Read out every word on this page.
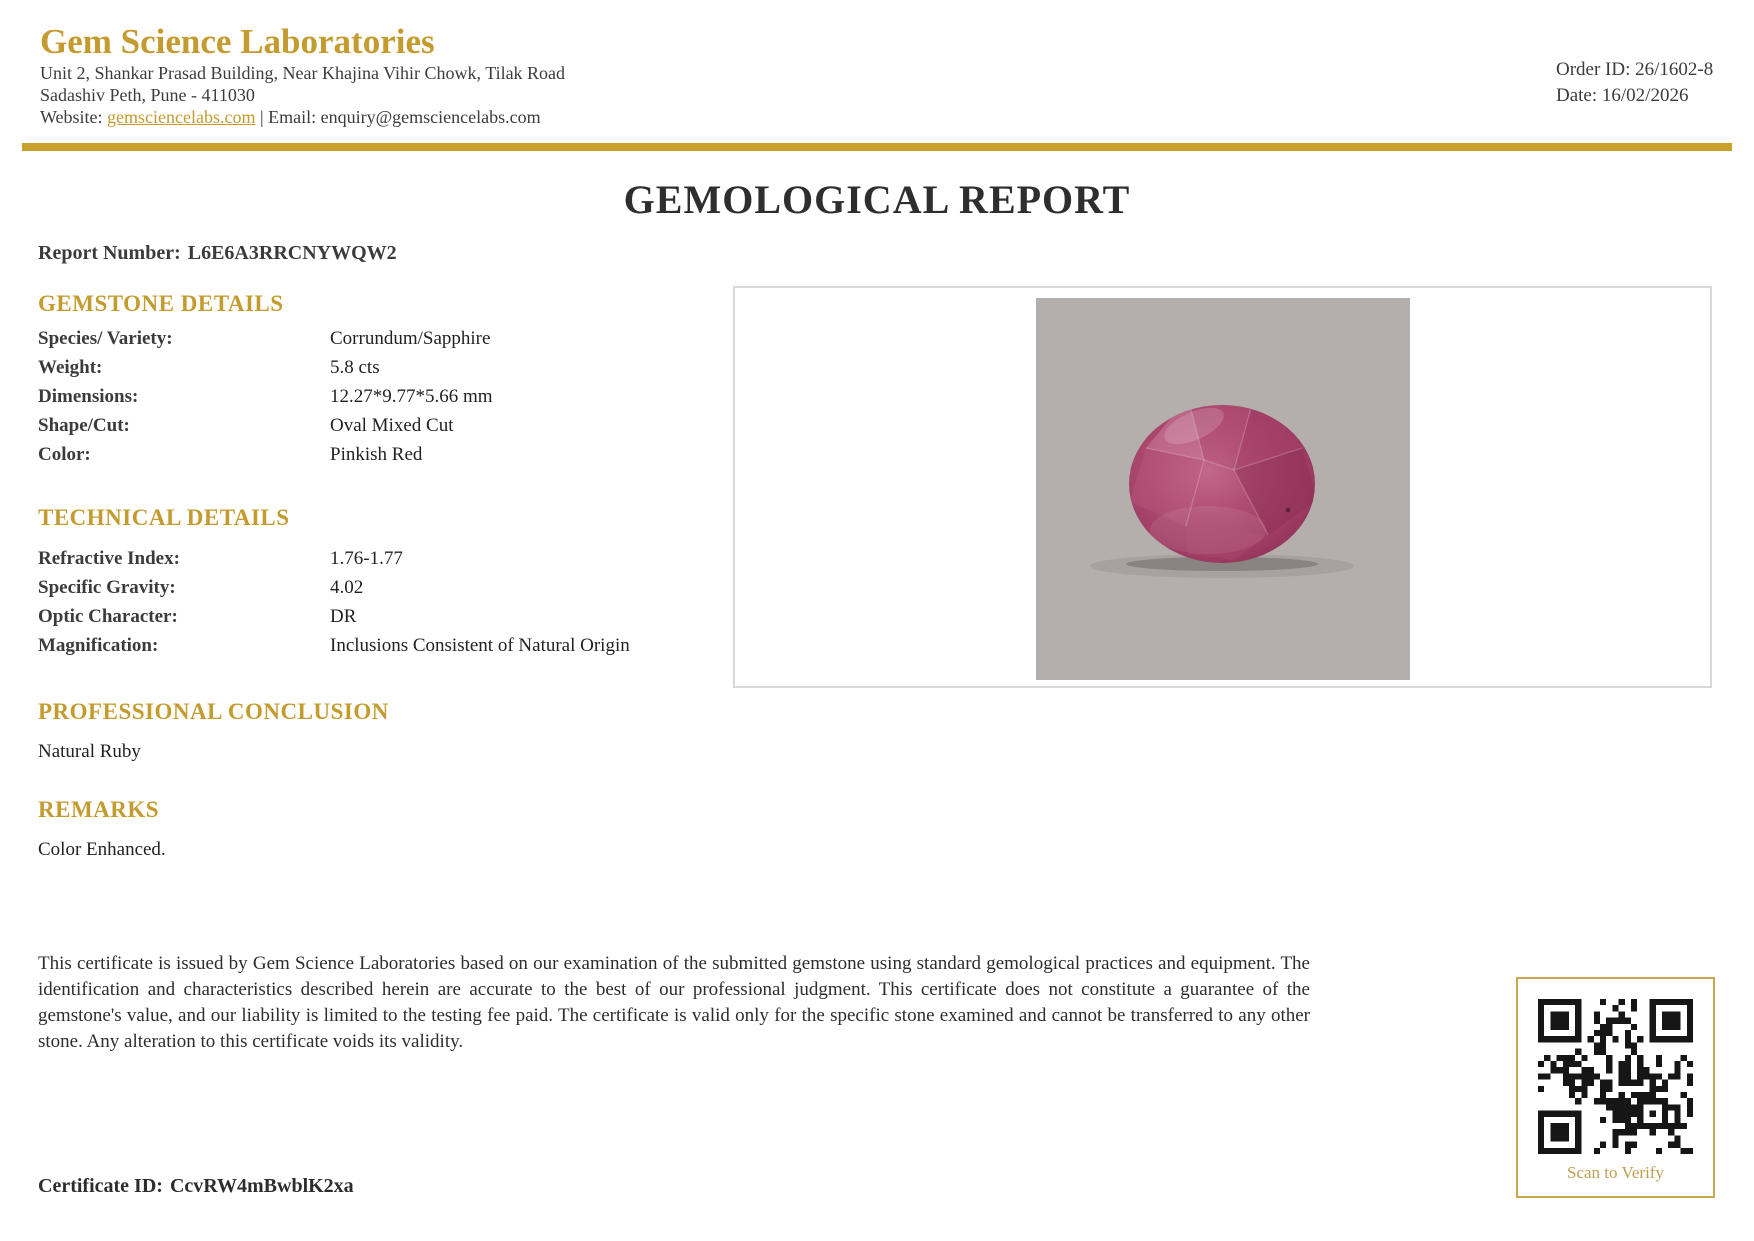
Gem Science Laboratories
Unit 2, Shankar Prasad Building, Near Khajina Vihir Chowk, Tilak Road
Sadashiv Peth, Pune - 411030
Website: gemsciencelabs.com | Email: enquiry@gemsciencelabs.com
Order ID: 26/1602-8
Date: 16/02/2026
GEMOLOGICAL REPORT
Report Number: L6E6A3RRCNYWQW2
GEMSTONE DETAILS
Species/ Variety:	Corrundum/Sapphire
Weight:	5.8 cts
Dimensions:	12.27*9.77*5.66 mm
Shape/Cut:	Oval Mixed Cut
Color:	Pinkish Red
TECHNICAL DETAILS
Refractive Index:	1.76-1.77
Specific Gravity:	4.02
Optic Character:	DR
Magnification:	Inclusions Consistent of Natural Origin
PROFESSIONAL CONCLUSION
Natural Ruby
REMARKS
Color Enhanced.
This certificate is issued by Gem Science Laboratories based on our examination of the submitted gemstone using standard gemological practices and equipment. The identification and characteristics described herein are accurate to the best of our professional judgment. This certificate does not constitute a guarantee of the gemstone's value, and our liability is limited to the testing fee paid. The certificate is valid only for the specific stone examined and cannot be transferred to any other stone. Any alteration to this certificate voids its validity.
Scan to Verify
Certificate ID: CcvRW4mBwblK2xa
